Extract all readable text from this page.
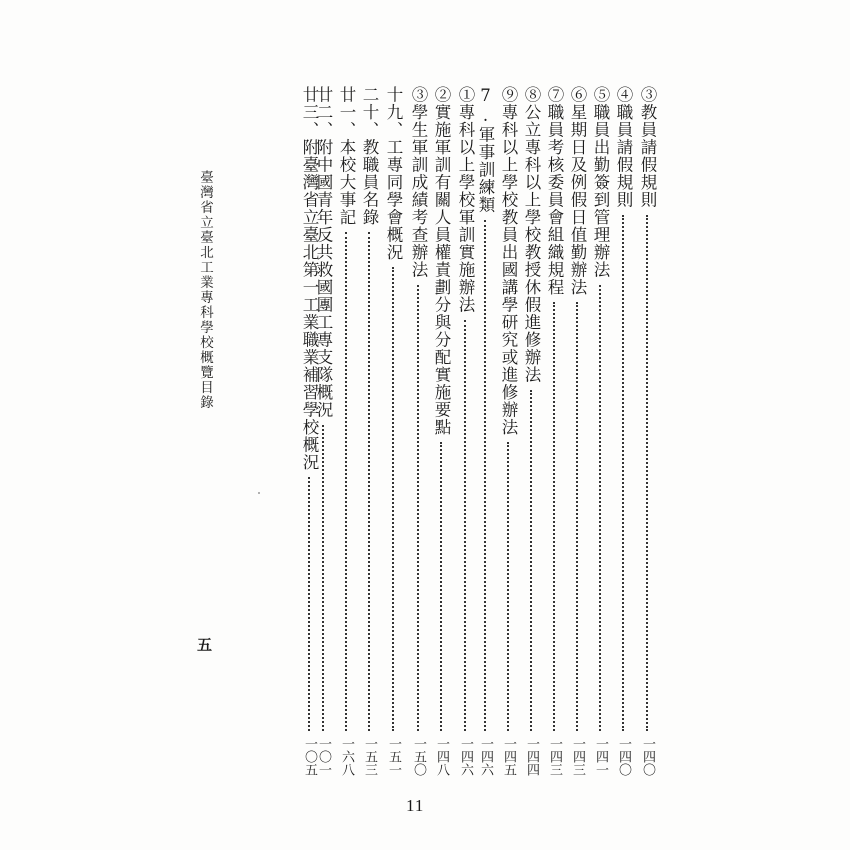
臺灣省立臺北工業專科學校概覽目錄
五
③教員請假規則
一四〇
④職員請假規則
一四〇
⑤職員出勤簽到管理辦法
一四一
⑥星期日及例假日值勤辦法
一四三
⑦職員考核委員會組織規程
一四三
⑧公立專科以上學校教授休假進修辦法
一四四
⑨專科以上學校教員出國講學研究或進修辦法
一四五
7.軍事訓練類
一四六
①專科以上學校軍訓實施辦法
一四六
②實施軍訓有關人員權責劃分與分配實施要點
一四八
③學生軍訓成績考查辦法
一五〇
十九、工專同學會概況
一五一
二十、教職員名錄
一五三
廿一、本校大事記
一六八
廿二、附中國青年反共救國團工專支隊概況
一〇一
廿三、附臺灣省立臺北第一工業職業補習學校概況
一〇五
11
